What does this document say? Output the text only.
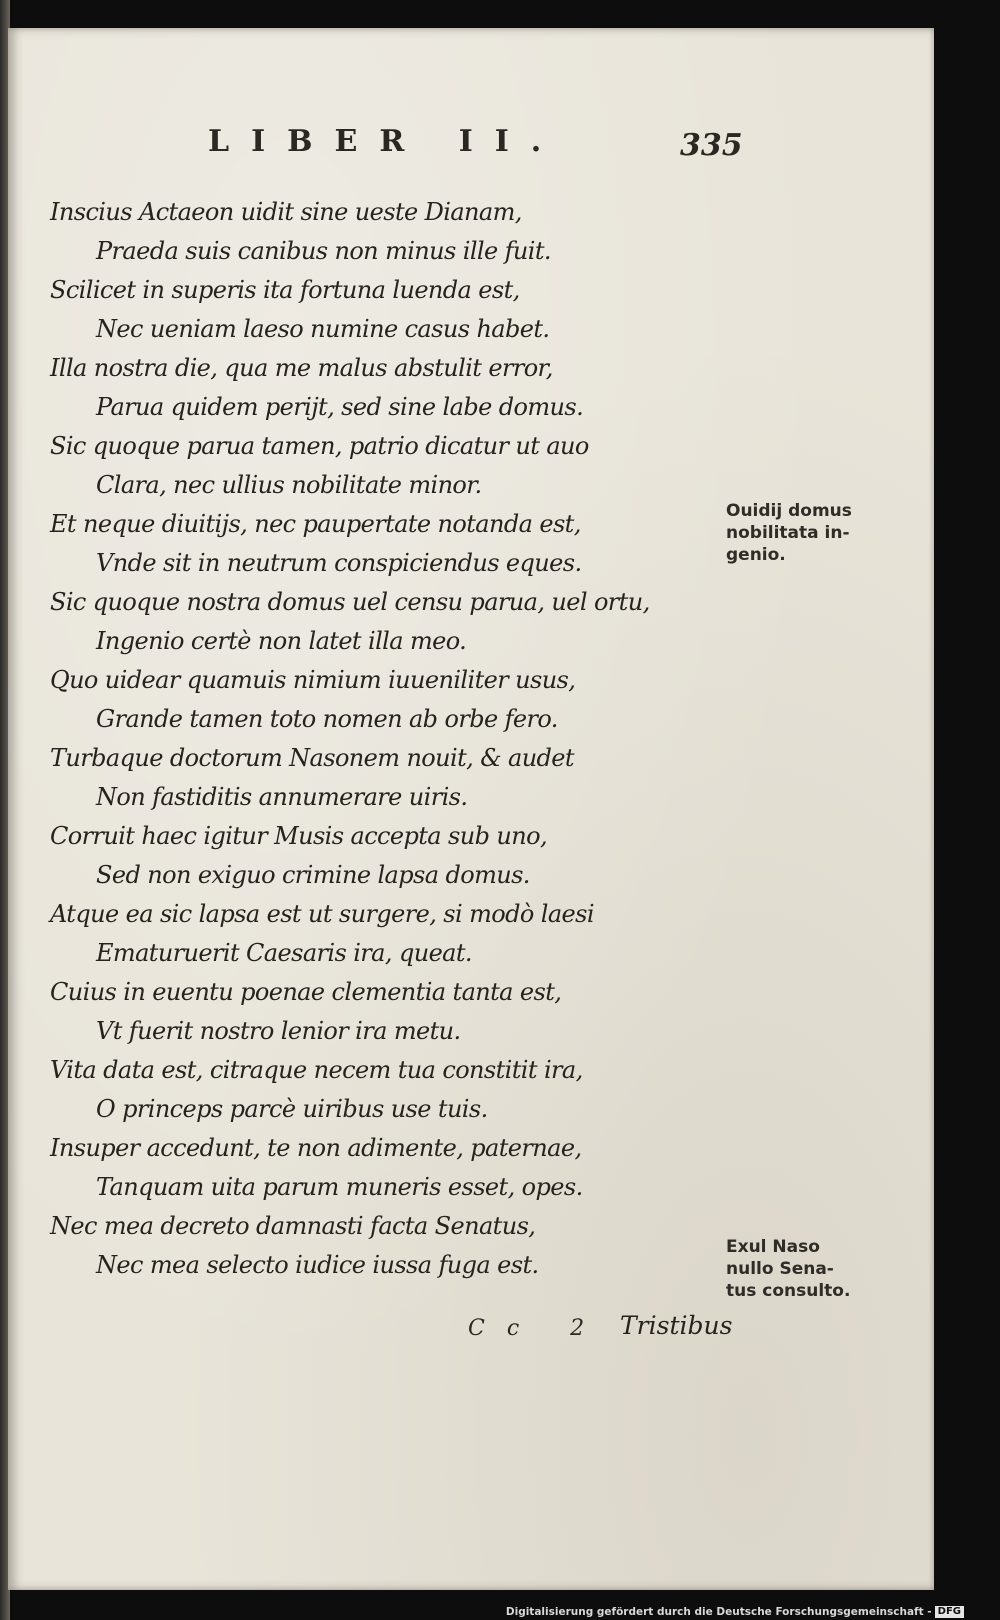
LIBER II.	335
Inscius Actaeon uidit sine ueste Dianam,
Praeda suis canibus non minus ille fuit.
Scilicet in superis ita fortuna luenda est,
Nec ueniam laeso numine casus habet.
Illa nostra die, qua me malus abstulit error,
Parua quidem perijt, sed sine labe domus.
Sic quoque parua tamen, patrio dicatur ut auo
Clara, nec ullius nobilitate minor.
Et neque diuitijs, nec paupertate notanda est,
Vnde sit in neutrum conspiciendus eques.
Sic quoque nostra domus uel censu parua, uel ortu,
Ingenio certè non latet illa meo.
Quo uidear quamuis nimium iuueniliter usus,
Grande tamen toto nomen ab orbe fero.
Turbaque doctorum Nasonem nouit, & audet
Non fastiditis annumerare uiris.
Corruit haec igitur Musis accepta sub uno,
Sed non exiguo crimine lapsa domus.
Atque ea sic lapsa est ut surgere, si modò laesi
Ematuruerit Caesaris ira, queat.
Cuius in euentu poenae clementia tanta est,
Vt fuerit nostro lenior ira metu.
Vita data est, citraque necem tua constitit ira,
O princeps parcè uiribus use tuis.
Insuper accedunt, te non adimente, paternae,
Tanquam uita parum muneris esset, opes.
Nec mea decreto damnasti facta Senatus,
Nec mea selecto iudice iussa fuga est.

Ouidij domus
nobilitata in-
genio.

Exul Naso
nullo Sena-
tus consulto.

Cc 2 Tristibus
Digitalisierung gefördert durch die Deutsche Forschungsgemeinschaft - DFG
